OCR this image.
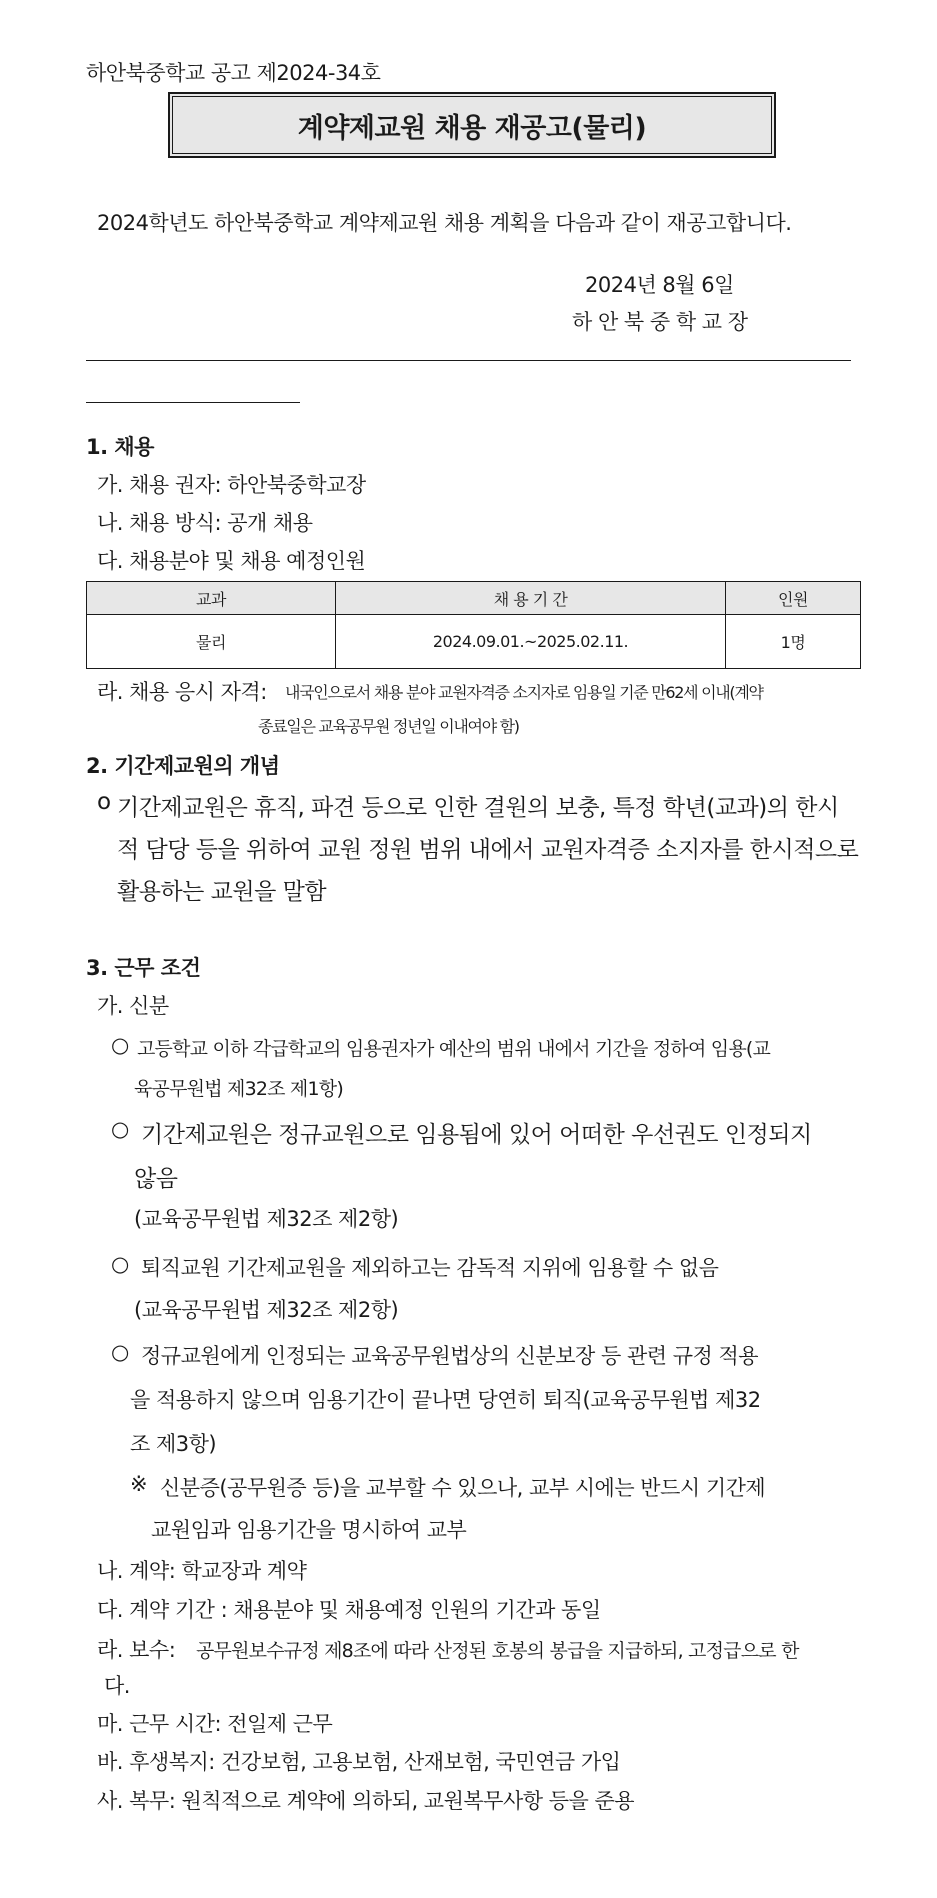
하안북중학교 공고 제2024-34호
계약제교원 채용 재공고(물리)
2024학년도 하안북중학교 계약제교원 채용 계획을 다음과 같이 재공고합니다.
2024년 8월 6일
하 안 북 중 학 교 장
1. 채용
가. 채용 권자: 하안북중학교장
나. 채용 방식: 공개 채용
다. 채용분야 및 채용 예정인원
교과	채 용 기 간	인원
물리	2024.09.01.~2025.02.11.	1명
라. 채용 응시 자격: 내국인으로서 채용 분야 교원자격증 소지자로 임용일 기준 만62세 이내(계약
종료일은 교육공무원 정년일 이내여야 함)
2. 기간제교원의 개념
o 기간제교원은 휴직, 파견 등으로 인한 결원의 보충, 특정 학년(교과)의 한시
적 담당 등을 위하여 교원 정원 범위 내에서 교원자격증 소지자를 한시적으로
활용하는 교원을 말함
3. 근무 조건
가. 신분
○ 고등학교 이하 각급학교의 임용권자가 예산의 범위 내에서 기간을 정하여 임용(교
육공무원법 제32조 제1항)
○ 기간제교원은 정규교원으로 임용됨에 있어 어떠한 우선권도 인정되지
않음
(교육공무원법 제32조 제2항)
○ 퇴직교원 기간제교원을 제외하고는 감독적 지위에 임용할 수 없음
(교육공무원법 제32조 제2항)
○ 정규교원에게 인정되는 교육공무원법상의 신분보장 등 관련 규정 적용
을 적용하지 않으며 임용기간이 끝나면 당연히 퇴직(교육공무원법 제32
조 제3항)
※ 신분증(공무원증 등)을 교부할 수 있으나, 교부 시에는 반드시 기간제
교원임과 임용기간을 명시하여 교부
나. 계약: 학교장과 계약
다. 계약 기간 : 채용분야 및 채용예정 인원의 기간과 동일
라. 보수: 공무원보수규정 제8조에 따라 산정된 호봉의 봉급을 지급하되, 고정급으로 한
다.
마. 근무 시간: 전일제 근무
바. 후생복지: 건강보험, 고용보험, 산재보험, 국민연금 가입
사. 복무: 원칙적으로 계약에 의하되, 교원복무사항 등을 준용
